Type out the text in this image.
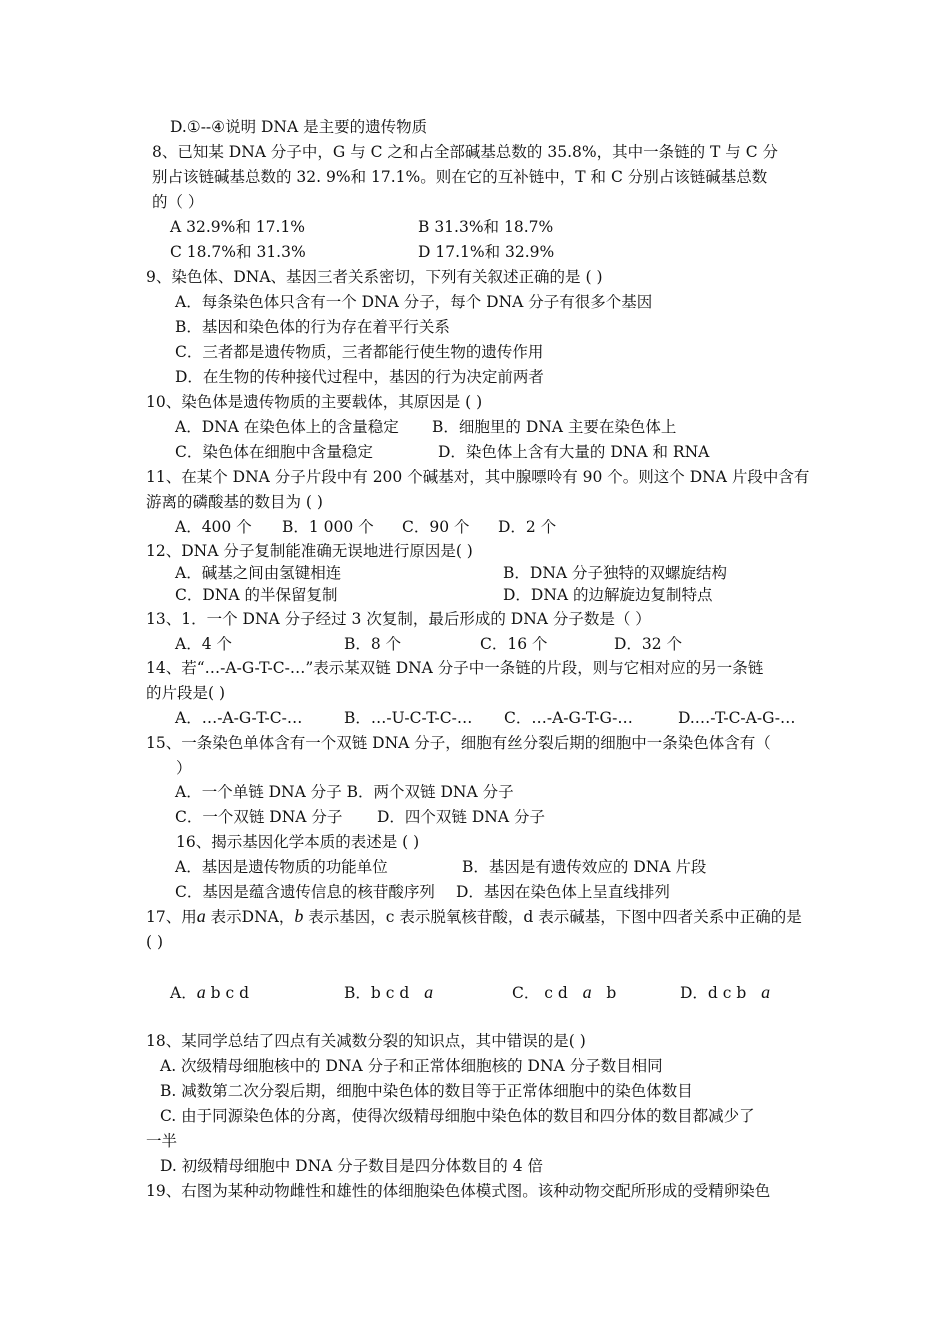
D.①--④说明 DNA 是主要的遗传物质
8、已知某 DNA 分子中，G 与 C 之和占全部碱基总数的 35.8%，其中一条链的 T 与 C 分
别占该链碱基总数的 32. 9%和 17.1%。则在它的互补链中，T 和 C 分别占该链碱基总数
的（ ）
A 32.9%和 17.1%	B 31.3%和 18.7%
C 18.7%和 31.3%	D 17.1%和 32.9%
9、染色体、DNA、基因三者关系密切，下列有关叙述正确的是 ( )
A．每条染色体只含有一个 DNA 分子，每个 DNA 分子有很多个基因
B．基因和染色体的行为存在着平行关系
C．三者都是遗传物质，三者都能行使生物的遗传作用
D．在生物的传种接代过程中，基因的行为决定前两者
10、染色体是遗传物质的主要载体，其原因是 ( )
A．DNA 在染色体上的含量稳定 B．细胞里的 DNA 主要在染色体上
C．染色体在细胞中含量稳定	D．染色体上含有大量的 DNA 和 RNA
11、在某个 DNA 分子片段中有 200 个碱基对，其中腺嘌呤有 90 个。则这个 DNA 片段中含有
游离的磷酸基的数目为 ( )
A．400 个 B．1 000 个 C．90 个 D．2 个
12、DNA 分子复制能准确无误地进行原因是( )
A．碱基之间由氢键相连	B．DNA 分子独特的双螺旋结构
C．DNA 的半保留复制	D．DNA 的边解旋边复制特点
13、1．一个 DNA 分子经过 3 次复制，最后形成的 DNA 分子数是（ ）
A．4 个	B．8 个	C．16 个	D．32 个
14、若“…-A-G-T-C-…”表示某双链 DNA 分子中一条链的片段，则与它相对应的另一条链
的片段是( )
A．…-A-G-T-C-…	B．…-U-C-T-C-… C．…-A-G-T-G-…	D.…-T-C-A-G-…
15、一条染色单体含有一个双链 DNA 分子，细胞有丝分裂后期的细胞中一条染色体含有（
）
A．一个单链 DNA 分子 B．两个双链 DNA 分子
C．一个双链 DNA 分子 D．四个双链 DNA 分子
16、揭示基因化学本质的表述是 ( )
A．基因是遗传物质的功能单位	B．基因是有遗传效应的 DNA 片段
C．基因是蕴含遗传信息的核苷酸序列 D．基因在染色体上呈直线排列
17、用a 表示DNA，b 表示基因，c 表示脱氧核苷酸，d 表示碱基，下图中四者关系中正确的是
( )
A．a b c d	B．b c d a	C． c d a b	D．d c b a
18、某同学总结了四点有关减数分裂的知识点，其中错误的是( )
A. 次级精母细胞核中的 DNA 分子和正常体细胞核的 DNA 分子数目相同
B. 减数第二次分裂后期，细胞中染色体的数目等于正常体细胞中的染色体数目
C. 由于同源染色体的分离，使得次级精母细胞中染色体的数目和四分体的数目都减少了
一半
D. 初级精母细胞中 DNA 分子数目是四分体数目的 4 倍
19、右图为某种动物雌性和雄性的体细胞染色体模式图。该种动物交配所形成的受精卵染色
